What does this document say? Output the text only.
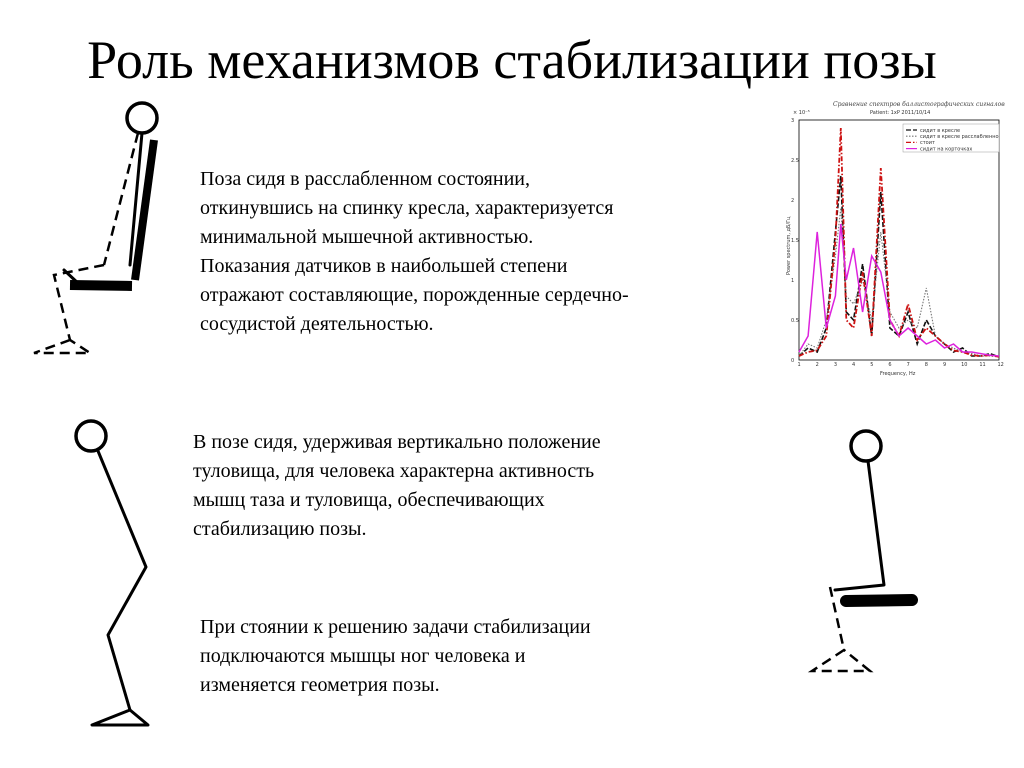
Роль механизмов стабилизации позы
Сравнение спектров баллистографических сигналов
Patient: 1xP 2011/10/14
× 10⁻⁵
Power spectrum, дБ/Гц
Frequency, Hz
1	2	3	4	5	6	7	8	9	10 11 12
0
0.5
1
1.5
2
2.5
3
сидит в кресле
сидит в кресле расслабленно
стоит
сидит на корточках
Поза сидя в расслабленном состоянии,
откинувшись на спинку кресла, характеризуется
минимальной мышечной активностью.
Показания датчиков в наибольшей степени
отражают составляющие, порожденные сердечно-
сосудистой деятельностью.
В позе сидя, удерживая вертикально положение
туловища, для человека характерна активность
мышц таза и туловища, обеспечивающих
стабилизацию позы.
При стоянии к решению задачи стабилизации
подключаются мышцы ног человека и
изменяется геометрия позы.
